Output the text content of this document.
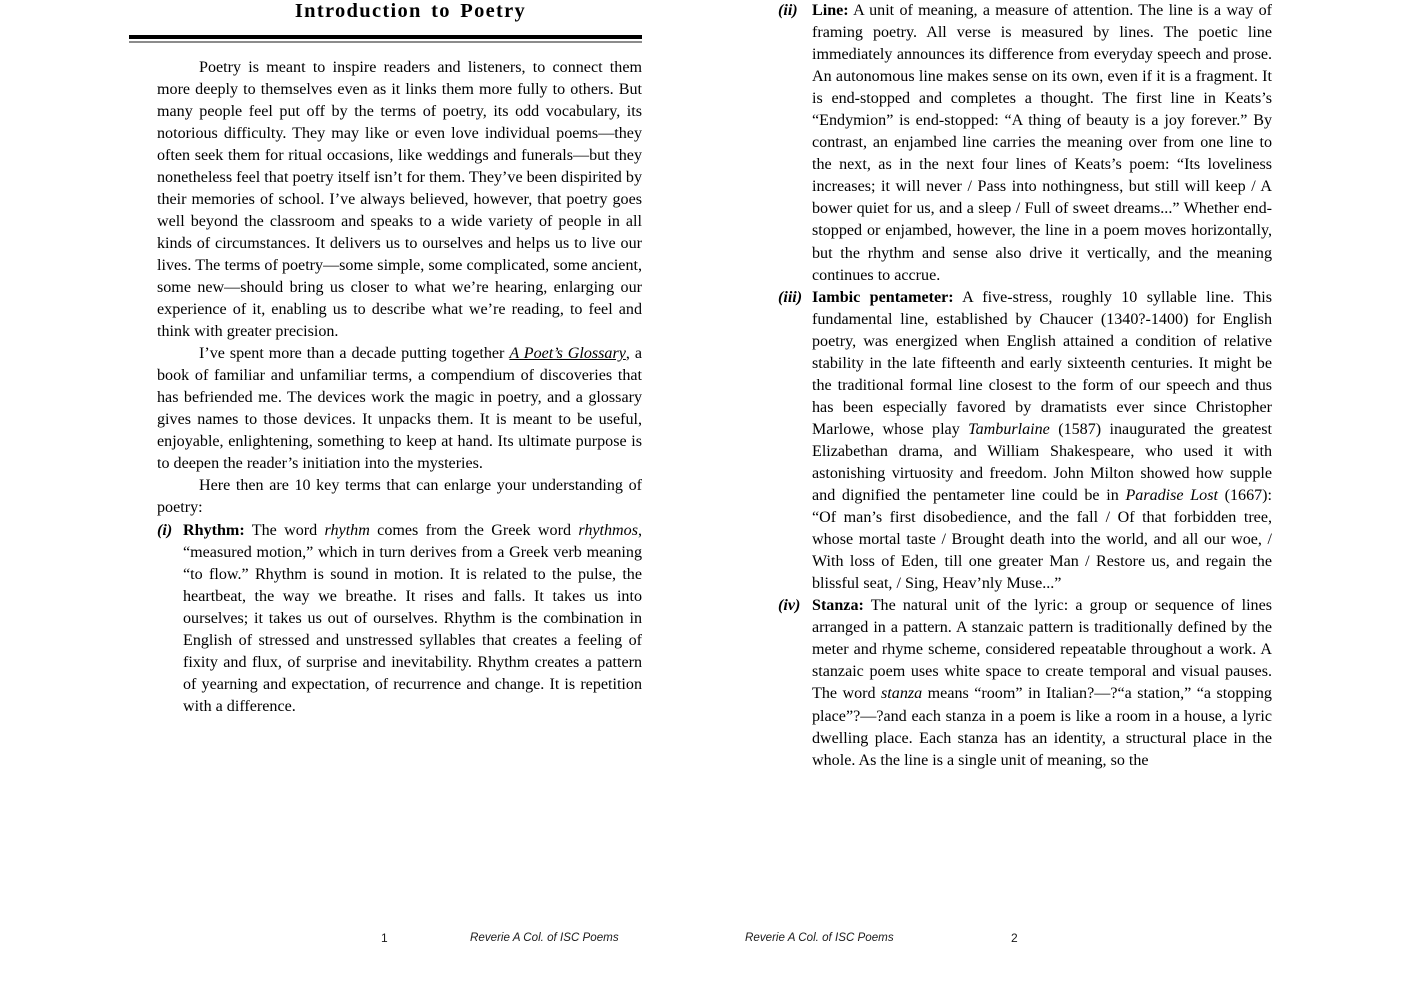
Introduction to Poetry

Poetry is meant to inspire readers and listeners, to connect them more deeply to themselves even as it links them more fully to others. But many people feel put off by the terms of poetry, its odd vocabulary, its notorious difficulty. They may like or even love individual poems—they often seek them for ritual occasions, like weddings and funerals—but they nonetheless feel that poetry itself isn’t for them. They’ve been dispirited by their memories of school. I’ve always believed, however, that poetry goes well beyond the classroom and speaks to a wide variety of people in all kinds of circumstances. It delivers us to ourselves and helps us to live our lives. The terms of poetry—some simple, some complicated, some ancient, some new—should bring us closer to what we’re hearing, enlarging our experience of it, enabling us to describe what we’re reading, to feel and think with greater precision.

I’ve spent more than a decade putting together A Poet’s Glossary, a book of familiar and unfamiliar terms, a compendium of discoveries that has befriended me. The devices work the magic in poetry, and a glossary gives names to those devices. It unpacks them. It is meant to be useful, enjoyable, enlightening, something to keep at hand. Its ultimate purpose is to deepen the reader’s initiation into the mysteries.

Here then are 10 key terms that can enlarge your understanding of poetry:

(i) Rhythm: The word rhythm comes from the Greek word rhythmos, “measured motion,” which in turn derives from a Greek verb meaning “to flow.” Rhythm is sound in motion. It is related to the pulse, the heartbeat, the way we breathe. It rises and falls. It takes us into ourselves; it takes us out of ourselves. Rhythm is the combination in English of stressed and unstressed syllables that creates a feeling of fixity and flux, of surprise and inevitability. Rhythm creates a pattern of yearning and expectation, of recurrence and change. It is repetition with a difference.

1	Reverie A Col. of ISC Poems

(ii) Line: A unit of meaning, a measure of attention. The line is a way of framing poetry. All verse is measured by lines. The poetic line immediately announces its difference from everyday speech and prose. An autonomous line makes sense on its own, even if it is a fragment. It is end-stopped and completes a thought. The first line in Keats’s “Endymion” is end-stopped: “A thing of beauty is a joy forever.” By contrast, an enjambed line carries the meaning over from one line to the next, as in the next four lines of Keats’s poem: “Its loveliness increases; it will never / Pass into nothingness, but still will keep / A bower quiet for us, and a sleep / Full of sweet dreams...” Whether end-stopped or enjambed, however, the line in a poem moves horizontally, but the rhythm and sense also drive it vertically, and the meaning continues to accrue.

(iii) Iambic pentameter: A five-stress, roughly 10 syllable line. This fundamental line, established by Chaucer (1340?-1400) for English poetry, was energized when English attained a condition of relative stability in the late fifteenth and early sixteenth centuries. It might be the traditional formal line closest to the form of our speech and thus has been especially favored by dramatists ever since Christopher Marlowe, whose play Tamburlaine (1587) inaugurated the greatest Elizabethan drama, and William Shakespeare, who used it with astonishing virtuosity and freedom. John Milton showed how supple and dignified the pentameter line could be in Paradise Lost (1667): “Of man’s first disobedience, and the fall / Of that forbidden tree, whose mortal taste / Brought death into the world, and all our woe, / With loss of Eden, till one greater Man / Restore us, and regain the blissful seat, / Sing, Heav’nly Muse...”

(iv) Stanza: The natural unit of the lyric: a group or sequence of lines arranged in a pattern. A stanzaic pattern is traditionally defined by the meter and rhyme scheme, considered repeatable throughout a work. A stanzaic poem uses white space to create temporal and visual pauses. The word stanza means “room” in Italian?—?“a station,” “a stopping place”?—?and each stanza in a poem is like a room in a house, a lyric dwelling place. Each stanza has an identity, a structural place in the whole. As the line is a single unit of meaning, so the

Reverie A Col. of ISC Poems	2
